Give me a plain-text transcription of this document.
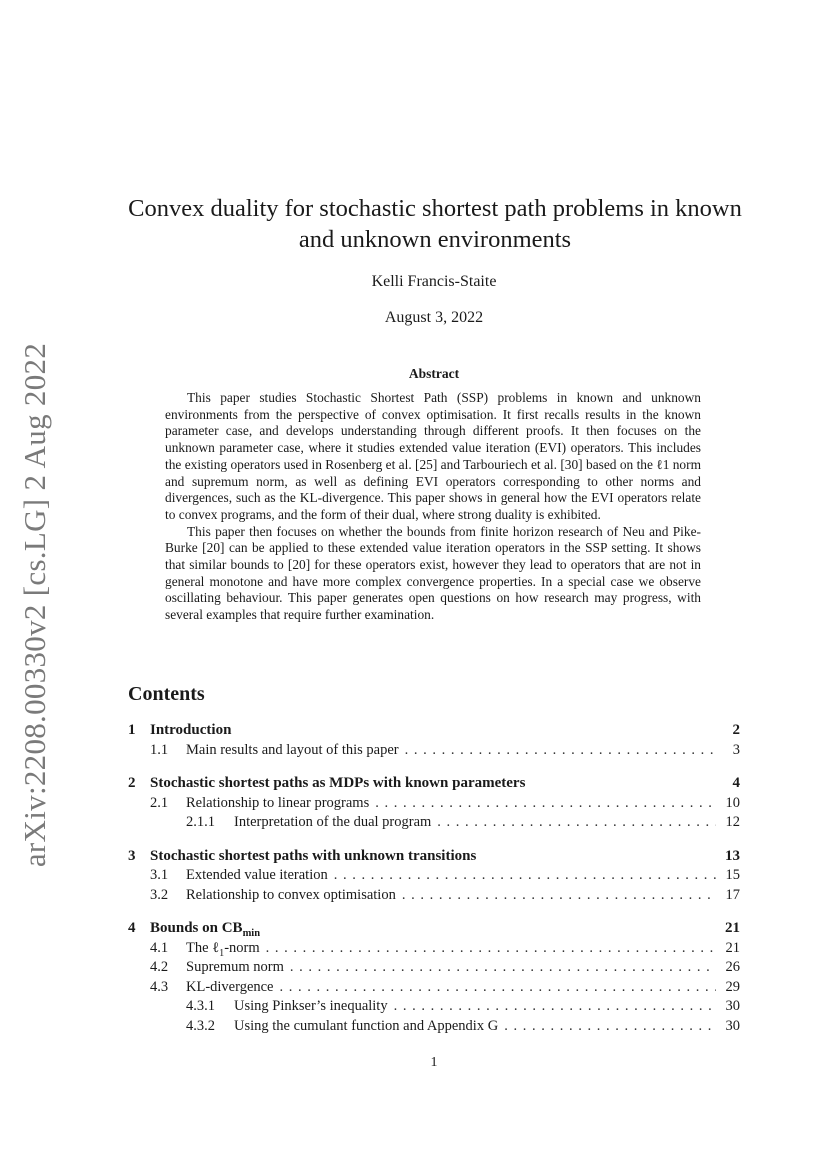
arXiv:2208.00330v2 [cs.LG] 2 Aug 2022
Convex duality for stochastic shortest path problems in known
and unknown environments
Kelli Francis-Staite
August 3, 2022
Abstract

This paper studies Stochastic Shortest Path (SSP) problems in known and unknown environments from the perspective of convex optimisation. It first recalls results in the known parameter case, and develops understanding through different proofs. It then focuses on the unknown parameter case, where it studies extended value iteration (EVI) operators. This includes the existing operators used in Rosenberg et al. [25] and Tarbouriech et al. [30] based on the ℓ1 norm and supremum norm, as well as defining EVI operators corresponding to other norms and divergences, such as the KL-divergence. This paper shows in general how the EVI operators relate to convex programs, and the form of their dual, where strong duality is exhibited.

This paper then focuses on whether the bounds from finite horizon research of Neu and Pike-Burke [20] can be applied to these extended value iteration operators in the SSP setting. It shows that similar bounds to [20] for these operators exist, however they lead to operators that are not in general monotone and have more complex convergence properties. In a special case we observe oscillating behaviour. This paper generates open questions on how research may progress, with several examples that require further examination.

Contents
1 Introduction	2
1.1	Main results and layout of this paper . . .	3
2 Stochastic shortest paths as MDPs with known parameters	4
2.1	Relationship to linear programs . . .	10
2.1.1	Interpretation of the dual program . . .	12
3 Stochastic shortest paths with unknown transitions	13
3.1	Extended value iteration . . .	15
3.2	Relationship to convex optimisation . . .	17
4 Bounds on $CB_{min}$	21
4.1	The ℓ$_1$-norm . . .	21
4.2	Supremum norm . . .	26
4.3	KL-divergence . . .	29
4.3.1	Using Pinkser’s inequality . . .	30
4.3.2	Using the cumulant function and Appendix G . . .	30
1
